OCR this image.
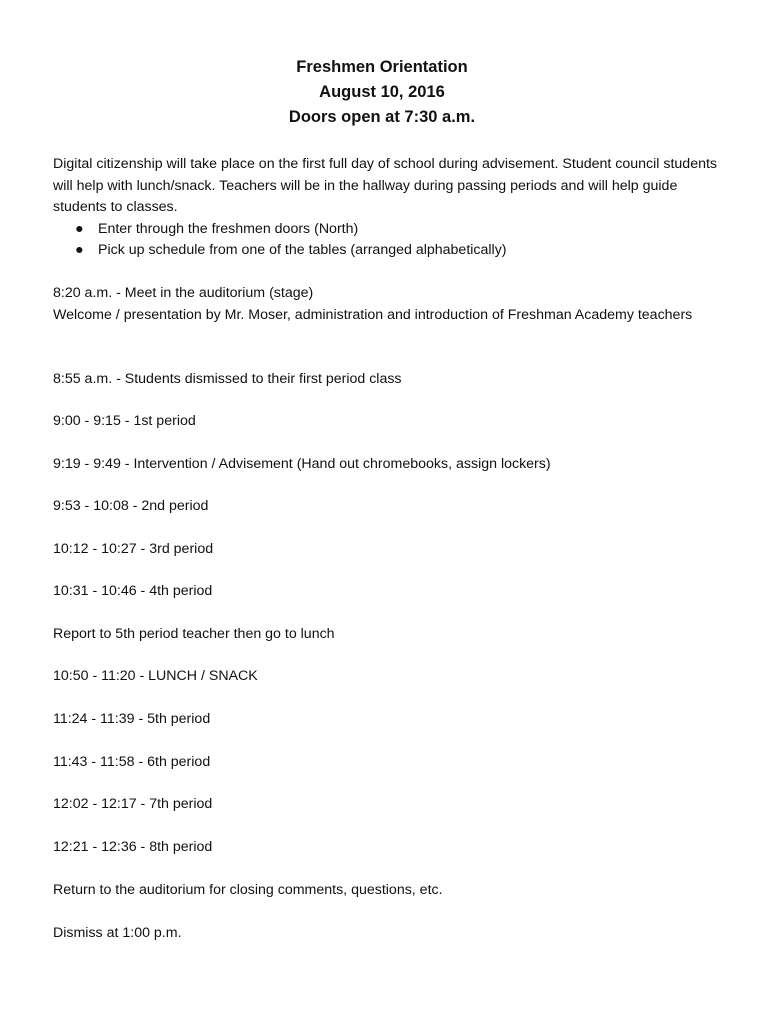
Freshmen Orientation
August 10, 2016
Doors open at 7:30 a.m.

Digital citizenship will take place on the first full day of school during advisement. Student council students will help with lunch/snack. Teachers will be in the hallway during passing periods and will help guide students to classes.

● Enter through the freshmen doors (North)
● Pick up schedule from one of the tables (arranged alphabetically)
8:20 a.m. - Meet in the auditorium (stage)
Welcome / presentation by Mr. Moser, administration and introduction of Freshman Academy teachers
8:55 a.m. - Students dismissed to their first period class
9:00 - 9:15 - 1st period
9:19 - 9:49 - Intervention / Advisement (Hand out chromebooks, assign lockers)
9:53 - 10:08 - 2nd period
10:12 - 10:27 - 3rd period
10:31 - 10:46 - 4th period
Report to 5th period teacher then go to lunch
10:50 - 11:20 - LUNCH / SNACK
11:24 - 11:39 - 5th period
11:43 - 11:58 - 6th period
12:02 - 12:17 - 7th period
12:21 - 12:36 - 8th period
Return to the auditorium for closing comments, questions, etc.
Dismiss at 1:00 p.m.
